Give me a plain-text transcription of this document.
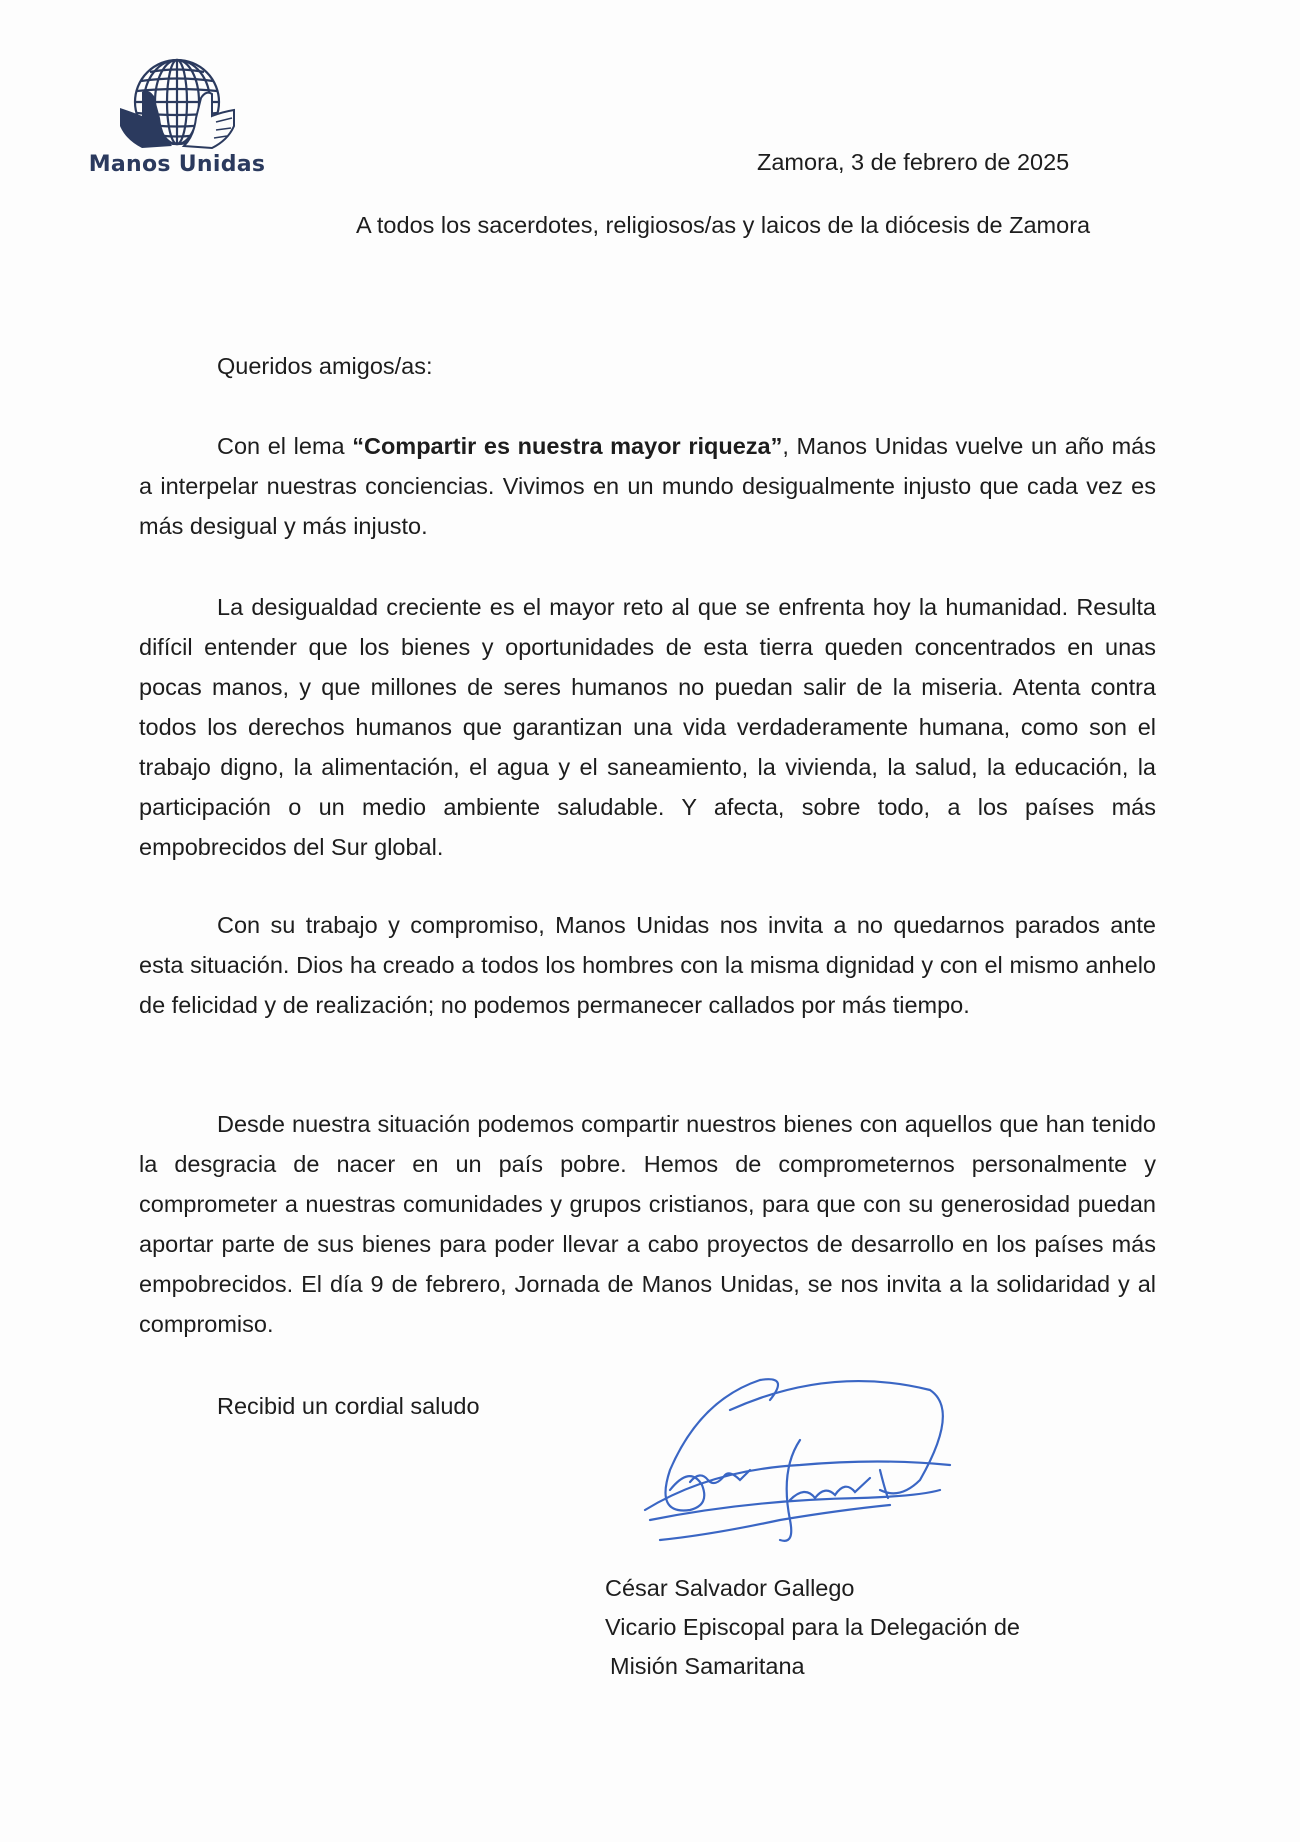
Manos Unidas	Zamora, 3 de febrero de 2025
A todos los sacerdotes, religiosos/as y laicos de la diócesis de Zamora
Queridos amigos/as:
Con el lema “Compartir es nuestra mayor riqueza”, Manos Unidas vuelve un año más a interpelar nuestras conciencias. Vivimos en un mundo desigualmente injusto que cada vez es más desigual y más injusto.
La desigualdad creciente es el mayor reto al que se enfrenta hoy la humanidad. Resulta difícil entender que los bienes y oportunidades de esta tierra queden concentrados en unas pocas manos, y que millones de seres humanos no puedan salir de la miseria. Atenta contra todos los derechos humanos que garantizan una vida verdaderamente humana, como son el trabajo digno, la alimentación, el agua y el saneamiento, la vivienda, la salud, la educación, la participación o un medio ambiente saludable. Y afecta, sobre todo, a los países más empobrecidos del Sur global.
Con su trabajo y compromiso, Manos Unidas nos invita a no quedarnos parados ante esta situación. Dios ha creado a todos los hombres con la misma dignidad y con el mismo anhelo de felicidad y de realización; no podemos permanecer callados por más tiempo.
Desde nuestra situación podemos compartir nuestros bienes con aquellos que han tenido la desgracia de nacer en un país pobre. Hemos de comprometernos personalmente y comprometer a nuestras comunidades y grupos cristianos, para que con su generosidad puedan aportar parte de sus bienes para poder llevar a cabo proyectos de desarrollo en los países más empobrecidos. El día 9 de febrero, Jornada de Manos Unidas, se nos invita a la solidaridad y al compromiso.
Recibid un cordial saludo
César Salvador Gallego
Vicario Episcopal para la Delegación de
Misión Samaritana
